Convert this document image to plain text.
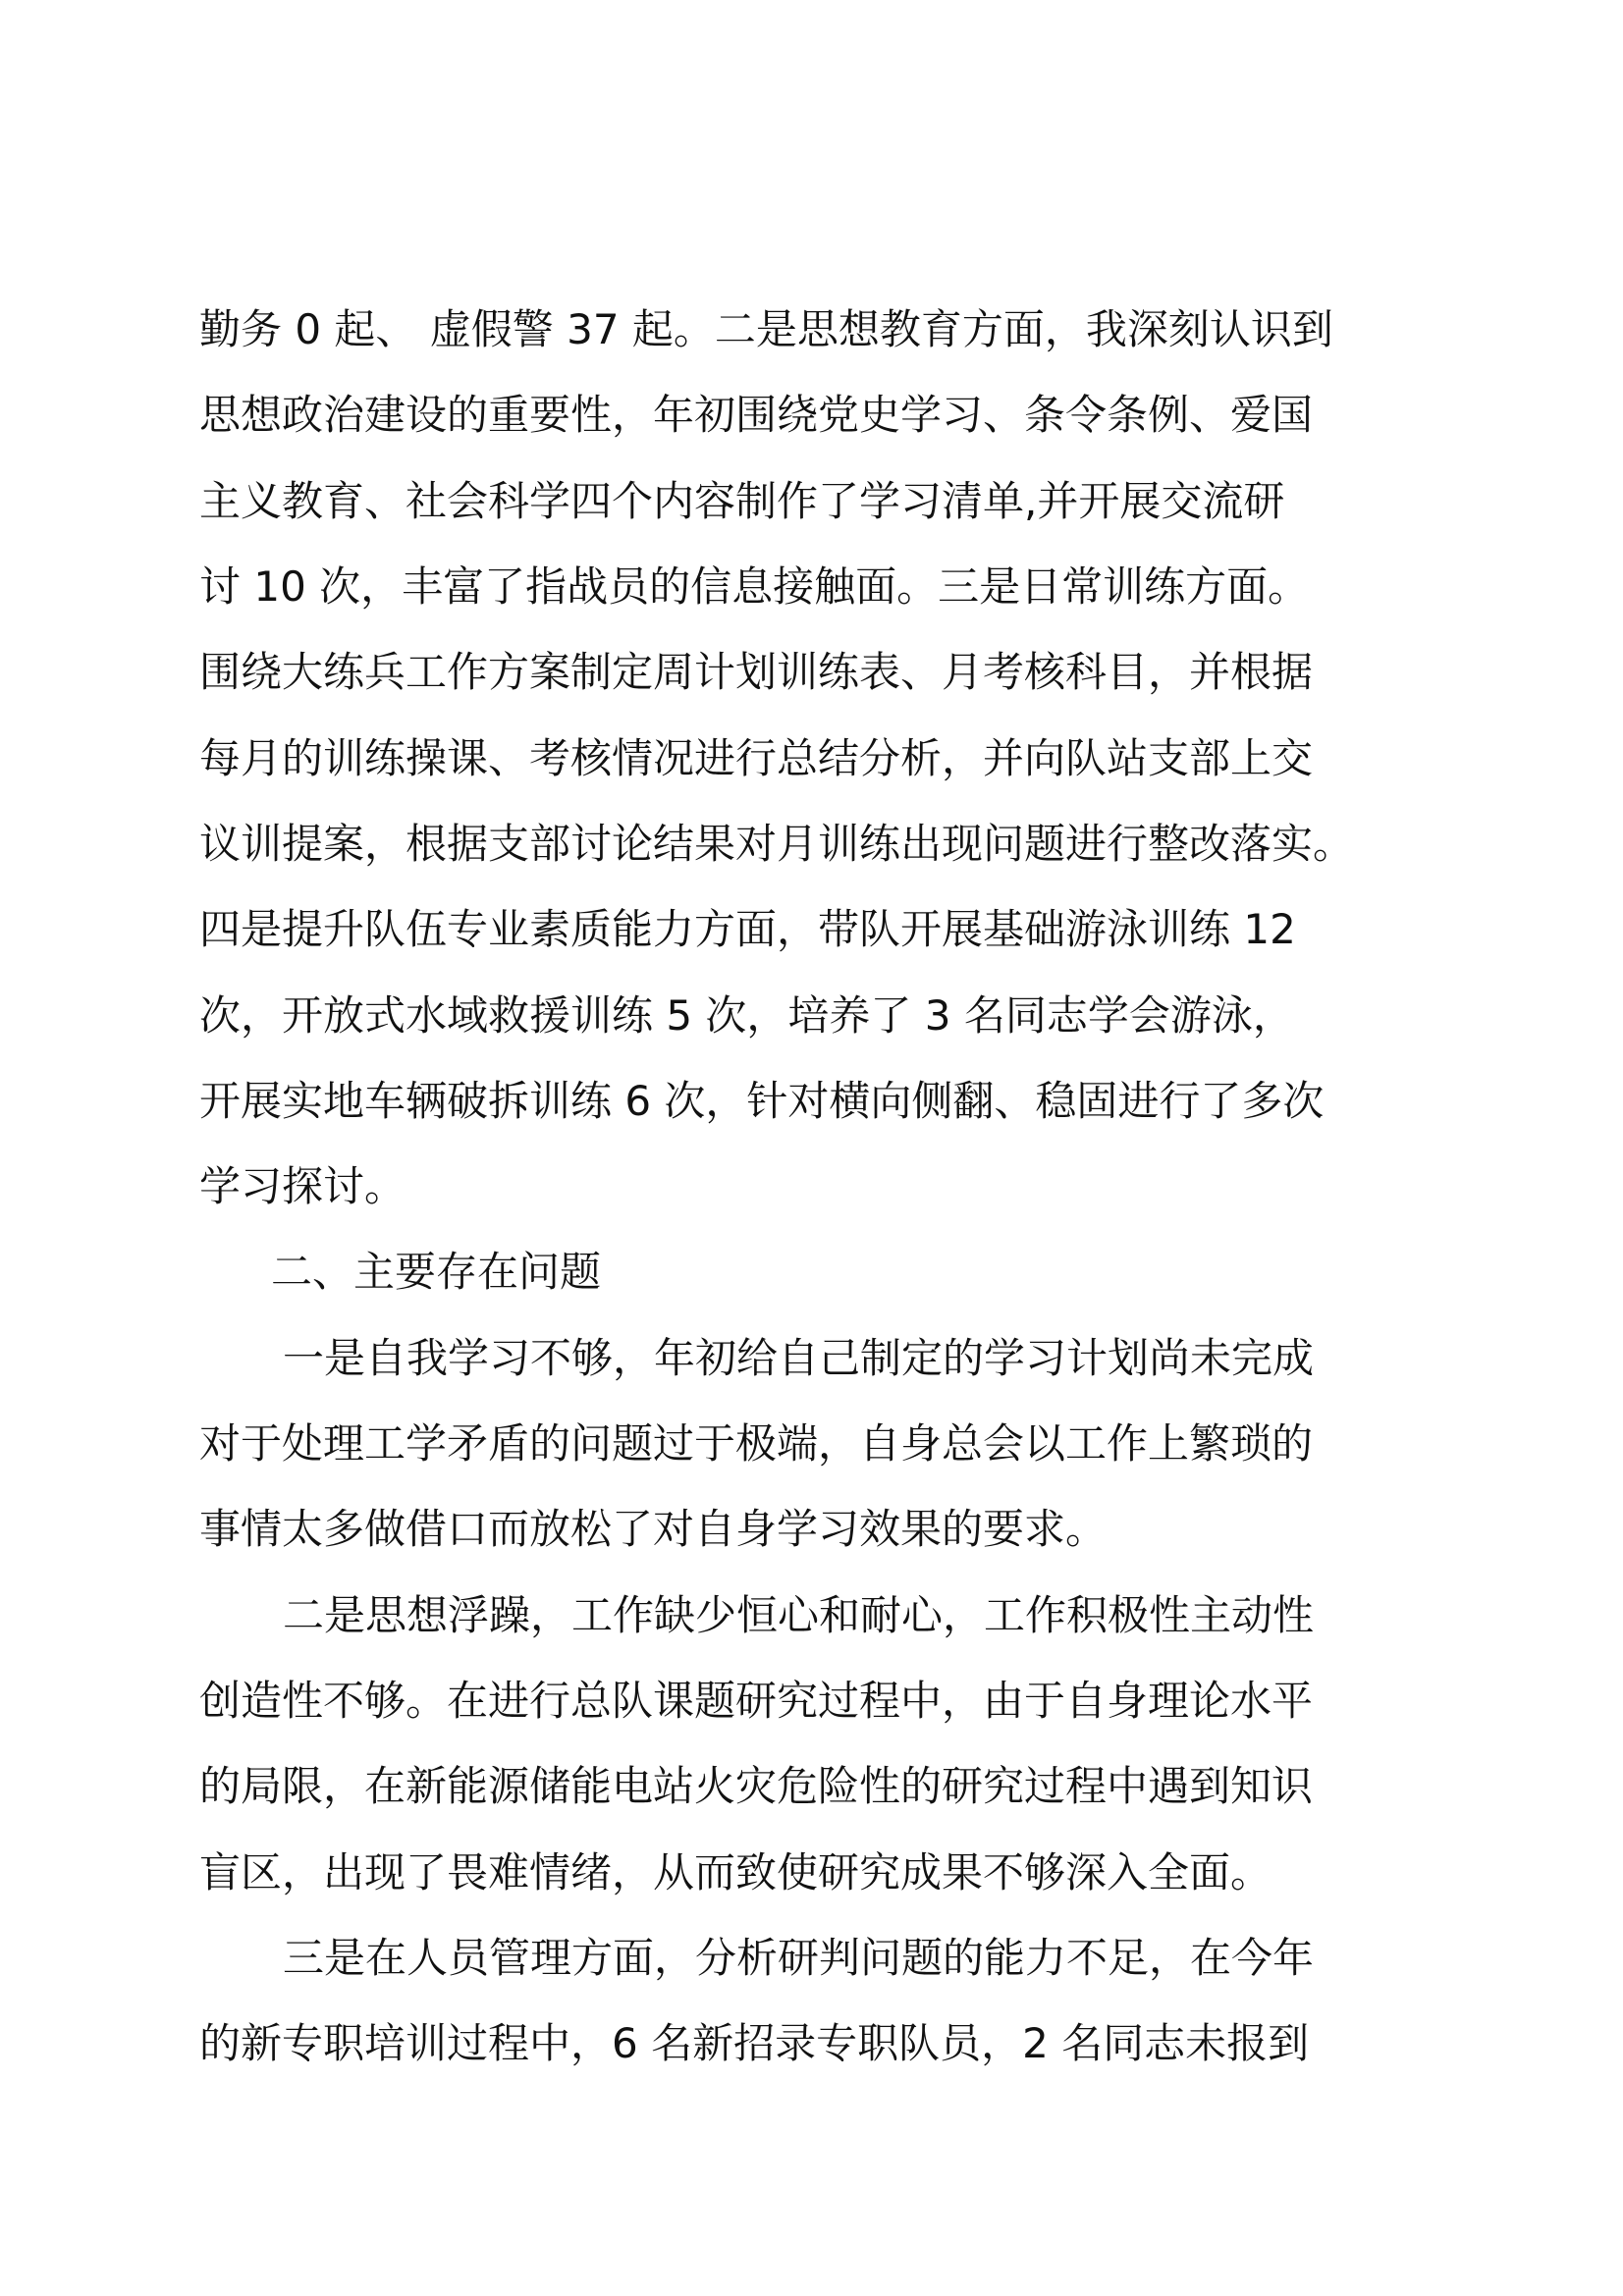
勤务 0 起、 虚假警 37 起。二是思想教育方面，我深刻认识到
思想政治建设的重要性，年初围绕党史学习、条令条例、爱国
主义教育、社会科学四个内容制作了学习清单,并开展交流研
讨 10 次，丰富了指战员的信息接触面。三是日常训练方面。
围绕大练兵工作方案制定周计划训练表、月考核科目，并根据
每月的训练操课、考核情况进行总结分析，并向队站支部上交
议训提案，根据支部讨论结果对月训练出现问题进行整改落实。
四是提升队伍专业素质能力方面，带队开展基础游泳训练 12
次，开放式水域救援训练 5 次，培养了 3 名同志学会游泳，
开展实地车辆破拆训练 6 次，针对横向侧翻、稳固进行了多次
学习探讨。
二、主要存在问题
一是自我学习不够，年初给自己制定的学习计划尚未完成
对于处理工学矛盾的问题过于极端，自身总会以工作上繁琐的
事情太多做借口而放松了对自身学习效果的要求。
二是思想浮躁，工作缺少恒心和耐心，工作积极性主动性
创造性不够。在进行总队课题研究过程中，由于自身理论水平
的局限，在新能源储能电站火灾危险性的研究过程中遇到知识
盲区，出现了畏难情绪，从而致使研究成果不够深入全面。
三是在人员管理方面，分析研判问题的能力不足，在今年
的新专职培训过程中，6 名新招录专职队员，2 名同志未报到
